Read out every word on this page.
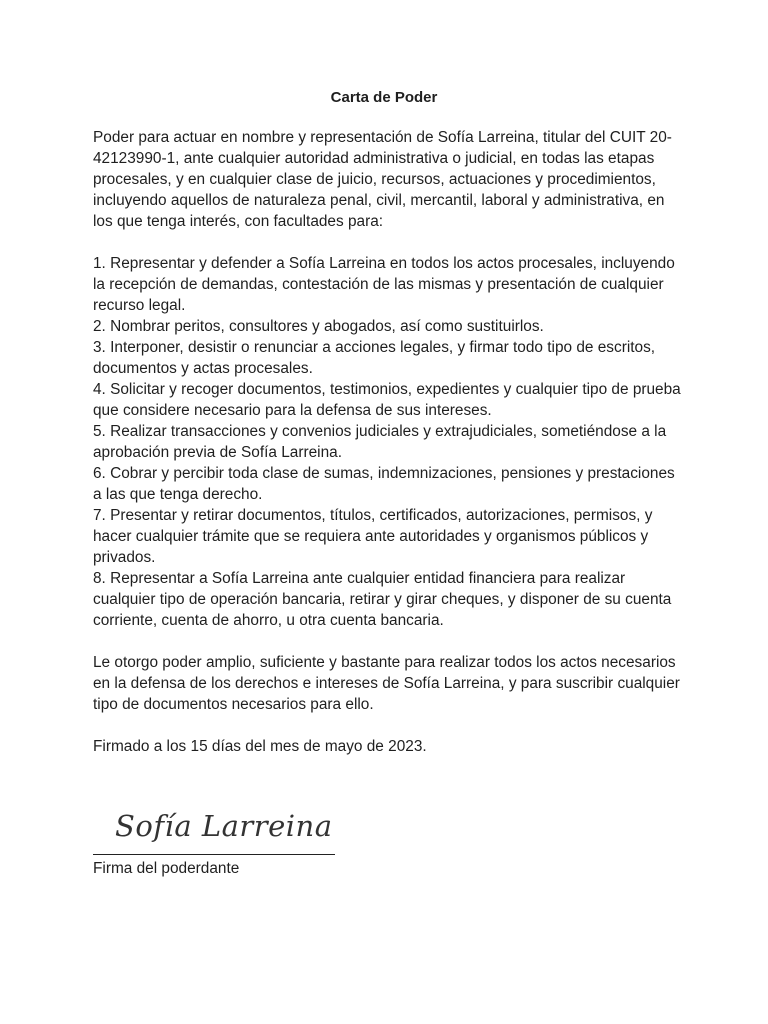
Carta de Poder

Poder para actuar en nombre y representación de Sofía Larreina, titular del CUIT 20-42123990-1, ante cualquier autoridad administrativa o judicial, en todas las etapas procesales, y en cualquier clase de juicio, recursos, actuaciones y procedimientos, incluyendo aquellos de naturaleza penal, civil, mercantil, laboral y administrativa, en los que tenga interés, con facultades para:

1. Representar y defender a Sofía Larreina en todos los actos procesales, incluyendo la recepción de demandas, contestación de las mismas y presentación de cualquier recurso legal.
2. Nombrar peritos, consultores y abogados, así como sustituirlos.
3. Interponer, desistir o renunciar a acciones legales, y firmar todo tipo de escritos, documentos y actas procesales.
4. Solicitar y recoger documentos, testimonios, expedientes y cualquier tipo de prueba que considere necesario para la defensa de sus intereses.
5. Realizar transacciones y convenios judiciales y extrajudiciales, sometiéndose a la aprobación previa de Sofía Larreina.
6. Cobrar y percibir toda clase de sumas, indemnizaciones, pensiones y prestaciones a las que tenga derecho.
7. Presentar y retirar documentos, títulos, certificados, autorizaciones, permisos, y hacer cualquier trámite que se requiera ante autoridades y organismos públicos y privados.
8. Representar a Sofía Larreina ante cualquier entidad financiera para realizar cualquier tipo de operación bancaria, retirar y girar cheques, y disponer de su cuenta corriente, cuenta de ahorro, u otra cuenta bancaria.

Le otorgo poder amplio, suficiente y bastante para realizar todos los actos necesarios en la defensa de los derechos e intereses de Sofía Larreina, y para suscribir cualquier tipo de documentos necesarios para ello.

Firmado a los 15 días del mes de mayo de 2023.

Sofía Larreina
Firma del poderdante
